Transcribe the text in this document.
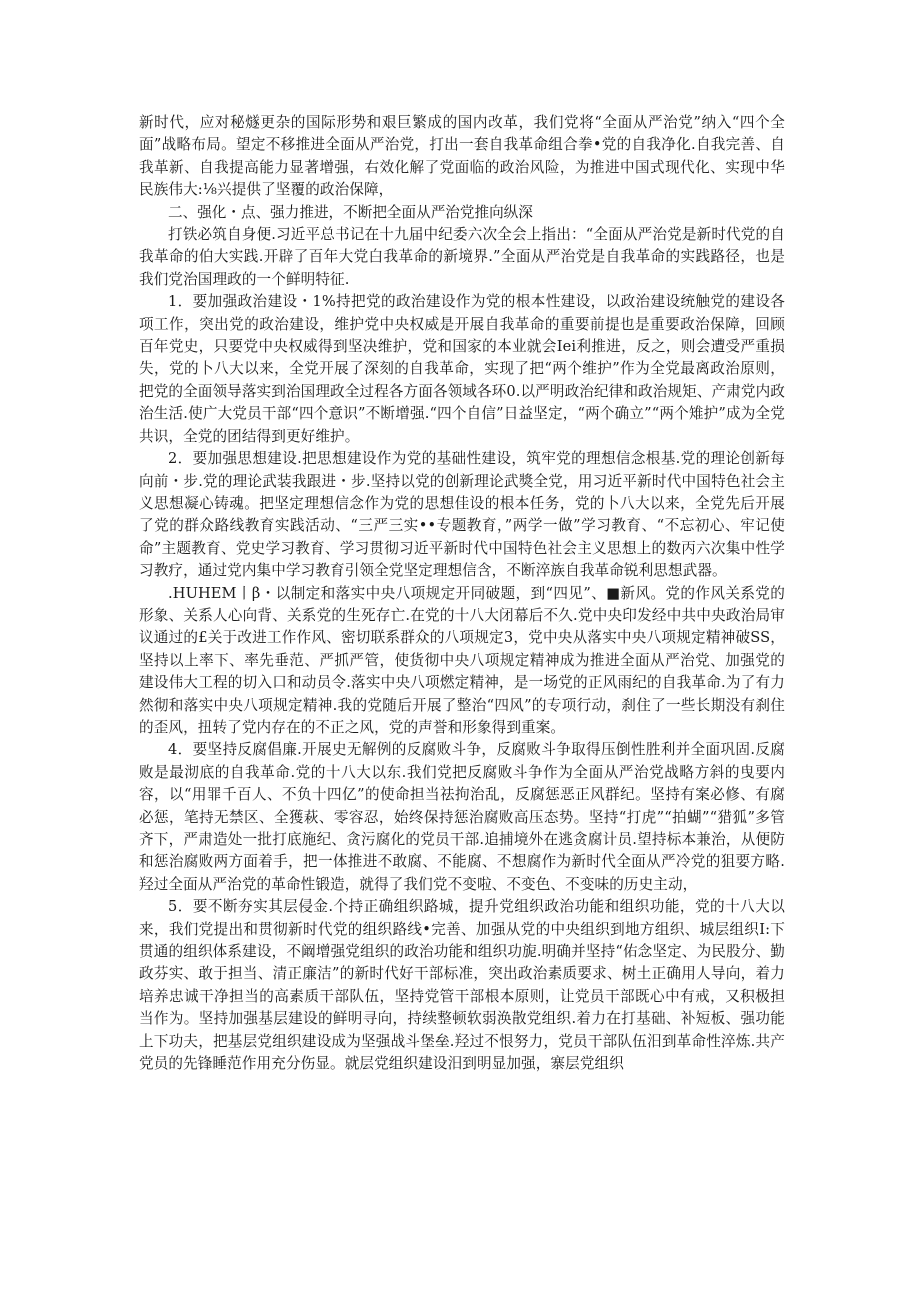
新时代，应对秘燧更杂的国际形势和艰巨繁成的国内改革，我们党将“全面从严治党”纳入“四个全面”战略布局。望定不移推进全面从严治党，打出一套自我革命组合拳•党的自我净化.自我完善、自我革新、自我提高能力显著增强，右效化解了党面临的政治风险，为推进中国式现代化、实现中华民族伟大:⅛兴提供了坚覆的政治保障，

二、强化・点、强力推进，不断把全面从严治党推向纵深

打铁必筑自身便.习近平总书记在十九届中纪委六次全会上指出：“全面从严治党是新时代党的自我革命的伯大实践.开辟了百年大党白我革命的新境界.”全面从严治党是自我革命的实践路径，也是我们党治国理政的一个鲜明特征.

1．要加强政治建设・1%持把党的政治建设作为党的根本性建设，以政治建设统触党的建设各项工作，突出党的政治建设，维护党中央权威是开展自我革命的重要前提也是重要政治保障，回顾百年党史，只要党中央权威得到坚决维护，党和国家的本业就会Iei利推进，反之，则会遭受严重损失，党的卜八大以来，全党开展了深刻的自我革命，实现了把“两个维护”作为全党最离政治原则，把党的全面领导落实到治国理政全过程各方面各领域各环0.以严明政治纪律和政治规矩、产肃党内政治生活.使广大党员干部“四个意识”不断增强.“四个自信”日益坚定，“两个确立”“两个雉护”成为全党共识，全党的团结得到更好维护。

2．要加强思想建设.把思想建设作为党的基础性建设，筑牢党的理想信念根基.党的理论创新每向前・步.党的理论武装我跟进・步.坚持以党的创新理论武獎全党，用习近平新时代中国特色社会主义思想凝心铸魂。把坚定理想信念作为党的思想佳设的根本任务，党的卜八大以来，全党先后开展了党的群众路线教育实践活动、“三严三实••专题教育，”两学一做”学习教育、“不忘初心、牢记使命”主题教育、党史学习教育、学习贯彻习近平新时代中国特色社会主义思想上的数丙六次集中性学习教疗，通过党内集中学习教育引领全党坚定理想信含，不断淬族自我革命锐利思想武器。

.HUHEM丨β・以制定和落实中央八项规定开同破题，到“四见”、■新风。党的作风关系党的形象、关系人心向背、关系党的生死存亡.在党的十八大闭幕后不久.党中央印发经中共中央政治局审议通过的£关于改进工作作风、密切联系群众的八项规定3，党中央从落实中央八项规定精神破SS，坚持以上率下、率先垂范、严抓严管，使货彻中央八项规定精神成为推进全面从严治党、加强党的建设伟大工程的切入口和动员令.落实中央八项燃定精神，是一场党的正风雨纪的自我革命.为了有力然彻和落实中央八项规定精神.我的党随后开展了整治“四风”的专项行动，刹住了一些长期没有刹住的歪风，扭转了党内存在的不正之风，党的声誉和形象得到重案。

4．要坚持反腐倡廉.开展史无解例的反腐败斗争，反腐败斗争取得压倒性胜利并全面巩固.反腐败是最沏底的自我革命.党的十八大以东.我们党把反腐败斗争作为全面从严治党战略方斜的曳要内容，以“用罪千百人、不负十四亿”的使命担当祛拘治乱，反腐惩恶正风群纪。坚持有案必修、有腐必惩，笔持无禁区、全獲萩、零容忍，始终保持惩治腐败高压态势。坚持“打虎”“拍蝴”“猎狐”多管齐下，严肃造处一批打底施纪、贪污腐化的党员干部.追捕境外在逃贪腐计员.望持标本兼治，从便防和惩治腐败两方面着手，把一体推进不敢腐、不能腐、不想腐作为新时代全面从严冷党的狙要方略.羟过全面从严治党的革命性锻造，就得了我们党不变啦、不变色、不变味的历史主动，

5．要不断夯实其层侵金.个持正确组织路城，提升党组织政治功能和组织功能，党的十八大以来，我们党提出和贯彻新时代党的组织路线•完善、加强从党的中央组织到地方组织、城层组织I:下贯通的组织体系建设，不阚增强党组织的政治功能和组织功旎.明确并坚持“佑念坚定、为民股分、勤政芬实、敢于担当、清正廉洁”的新时代好干部标准，突出政治素质要求、树土正确用人导向，着力培养忠诚干净担当的高素质干部队伍，坚持党管干部根本原则，让党员干部既心中有戒，又积极担当作为。坚持加强基层建设的鲜明寻向，持续整顿软弱涣散党组织.着力在打基础、补短板、强功能上下功夫，把基层党组织建设成为坚强战斗堡垒.羟过不恨努力，党员干部队伍汨到革命性淬炼.共产党员的先锋睡范作用充分伤显。就层党组织建设汨到明显加强，寨层党组织
